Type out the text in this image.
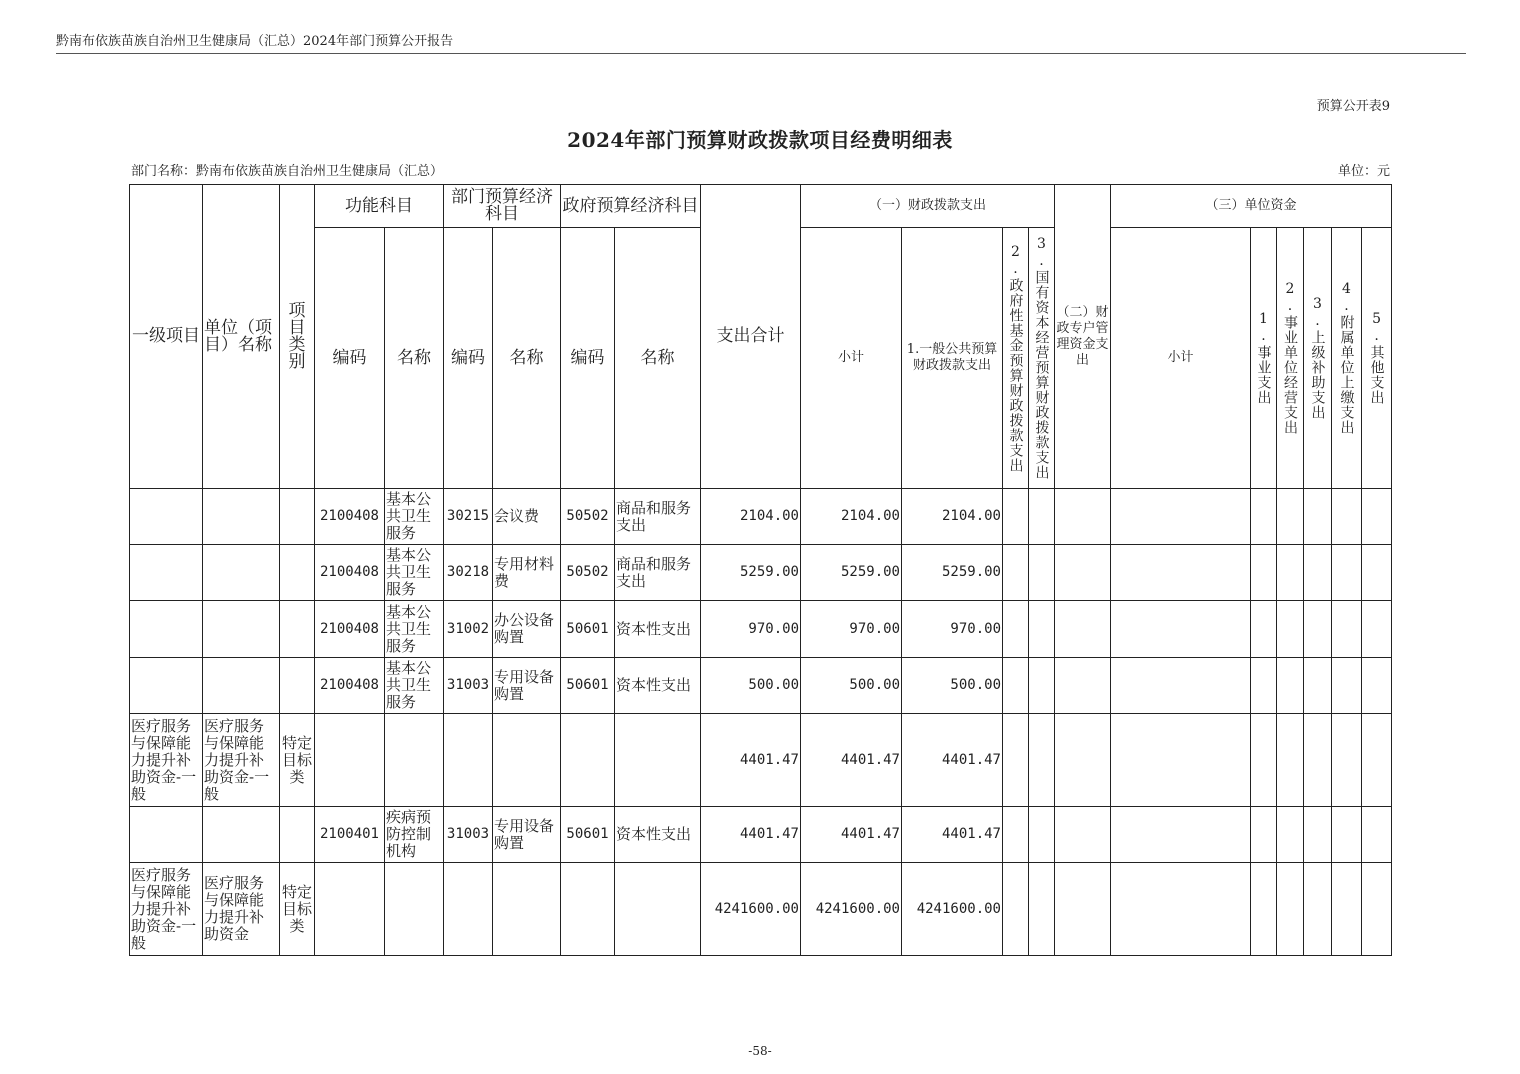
黔南布依族苗族自治州卫生健康局（汇总）2024年部门预算公开报告
预算公开表9
2024年部门预算财政拨款项目经费明细表
部门名称：黔南布依族苗族自治州卫生健康局（汇总）	单位：元
一级项目	单位（项目）名称	项目类别	功能科目		部门预算经济科目		政府预算经济科目		支出合计	（一）财政拨款支出				（二）财政专户管理资金支出	（三）单位资金					
			编码	名称	编码	名称	编码	名称		小计	1.一般公共预算财政拨款支出	2.政府性基金预算财政拨款支出	3.国有资本经营预算财政拨款支出		小计	1.事业支出	2.事业单位经营支出	3.上级补助支出	4.附属单位上缴支出	5.其他支出

			2100408	基本公共卫生服务	30215	会议费	50502	商品和服务支出	2104.00	2104.00	2104.00									
			2100408	基本公共卫生服务	30218	专用材料费	50502	商品和服务支出	5259.00	5259.00	5259.00									
			2100408	基本公共卫生服务	31002	办公设备购置	50601	资本性支出	970.00	970.00	970.00									
			2100408	基本公共卫生服务	31003	专用设备购置	50601	资本性支出	500.00	500.00	500.00									
医疗服务与保障能力提升补助资金-一般	医疗服务与保障能力提升补助资金-一般	特定目标类							4401.47	4401.47	4401.47									
			2100401	疾病预防控制机构	31003	专用设备购置	50601	资本性支出	4401.47	4401.47	4401.47									
医疗服务与保障能力提升补助资金-一般	医疗服务与保障能力提升补助资金	特定目标类							4241600.00	4241600.00	4241600.00									
-58-
